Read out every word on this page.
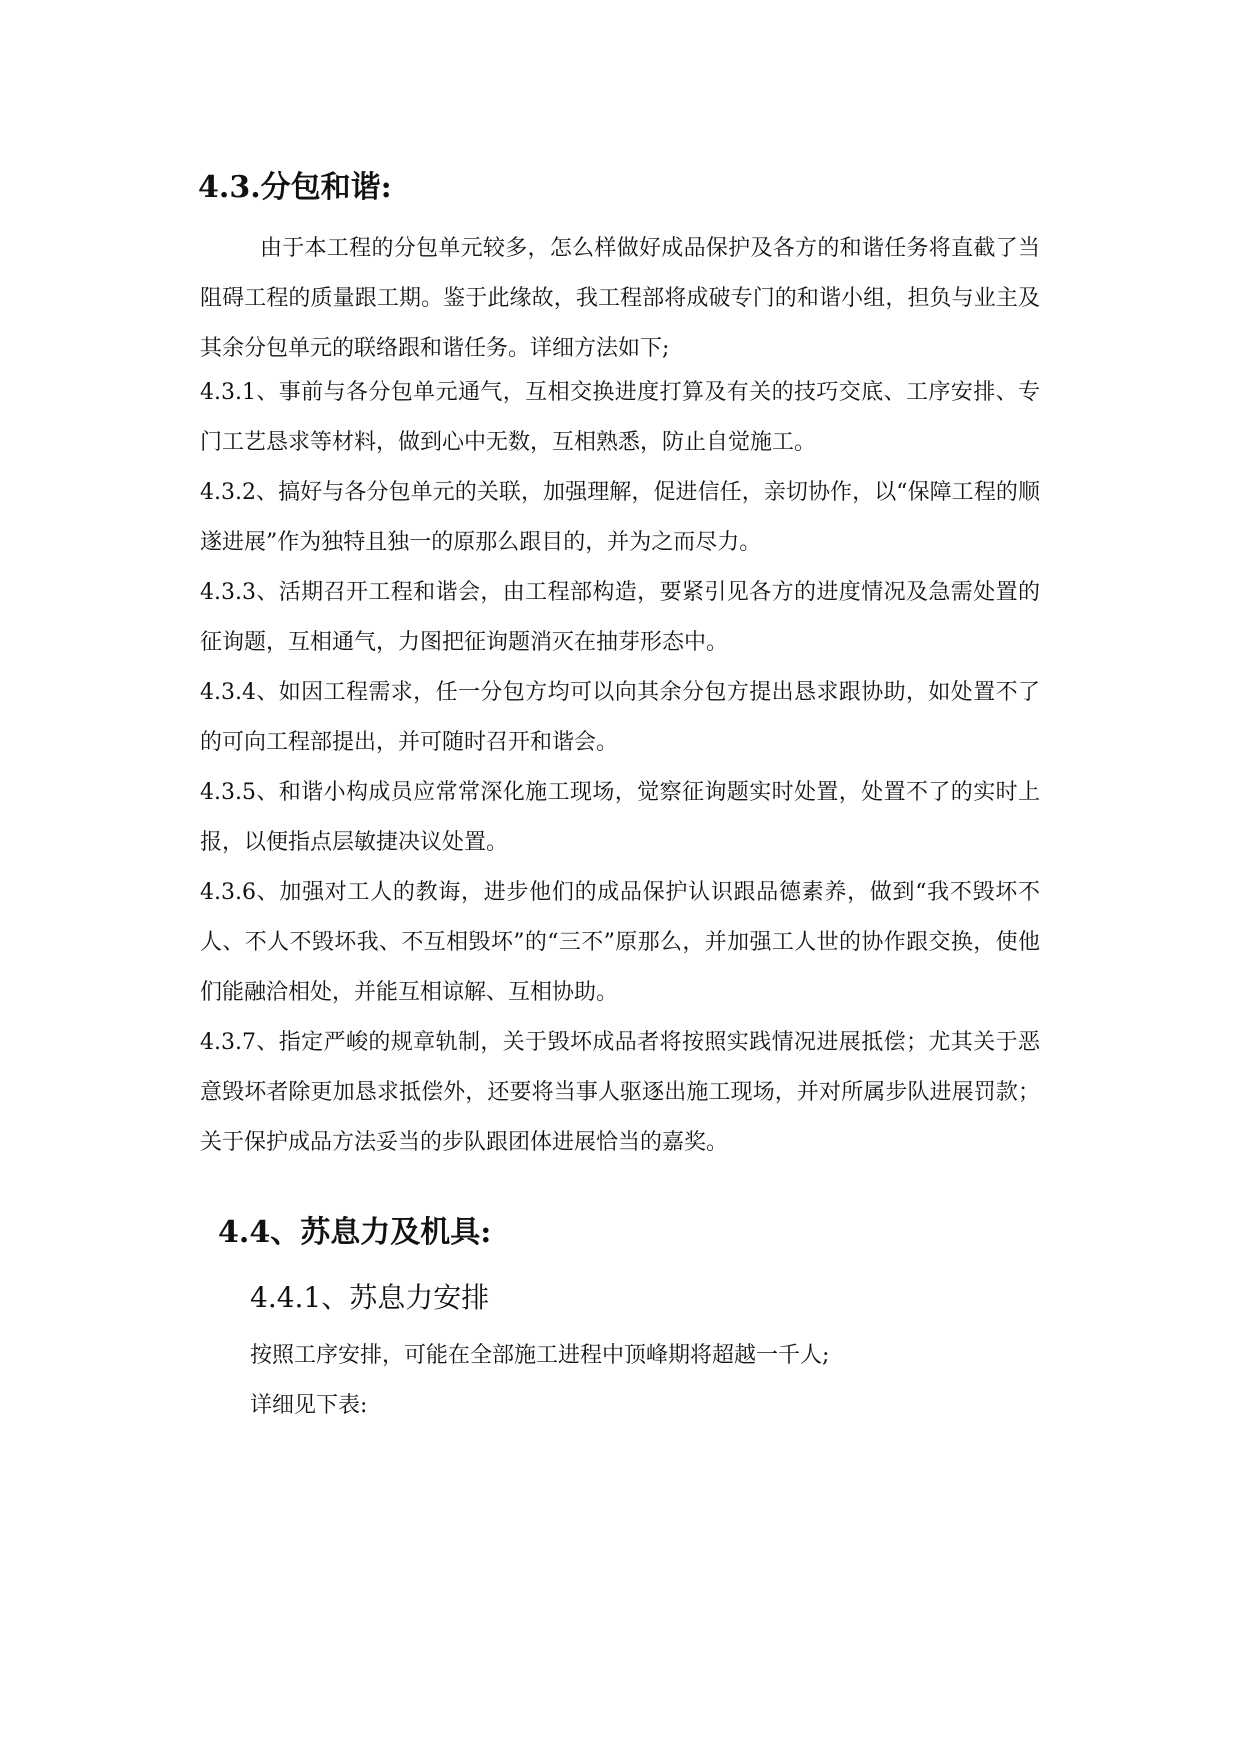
4.3.分包和谐:
由于本工程的分包单元较多，怎么样做好成品保护及各方的和谐任务将直截了当阻碍工程的质量跟工期。鉴于此缘故，我工程部将成破专门的和谐小组，担负与业主及其余分包单元的联络跟和谐任务。详细方法如下;
4.3.1、事前与各分包单元通气，互相交换进度打算及有关的技巧交底、工序安排、专门工艺恳求等材料，做到心中无数，互相熟悉，防止自觉施工。
4.3.2、搞好与各分包单元的关联，加强理解，促进信任，亲切协作，以“保障工程的顺遂进展”作为独特且独一的原那么跟目的，并为之而尽力。
4.3.3、活期召开工程和谐会，由工程部构造，要紧引见各方的进度情况及急需处置的征询题，互相通气，力图把征询题消灭在抽芽形态中。
4.3.4、如因工程需求，任一分包方均可以向其余分包方提出恳求跟协助，如处置不了的可向工程部提出，并可随时召开和谐会。
4.3.5、和谐小构成员应常常深化施工现场，觉察征询题实时处置，处置不了的实时上报，以便指点层敏捷决议处置。
4.3.6、加强对工人的教诲，进步他们的成品保护认识跟品德素养，做到“我不毁坏不人、不人不毁坏我、不互相毁坏”的“三不”原那么，并加强工人世的协作跟交换，使他们能融洽相处，并能互相谅解、互相协助。
4.3.7、指定严峻的规章轨制，关于毁坏成品者将按照实践情况进展抵偿；尤其关于恶意毁坏者除更加恳求抵偿外，还要将当事人驱逐出施工现场，并对所属步队进展罚款；关于保护成品方法妥当的步队跟团体进展恰当的嘉奖。
4.4、苏息力及机具:
4.4.1、苏息力安排
按照工序安排，可能在全部施工进程中顶峰期将超越一千人;
详细见下表:
